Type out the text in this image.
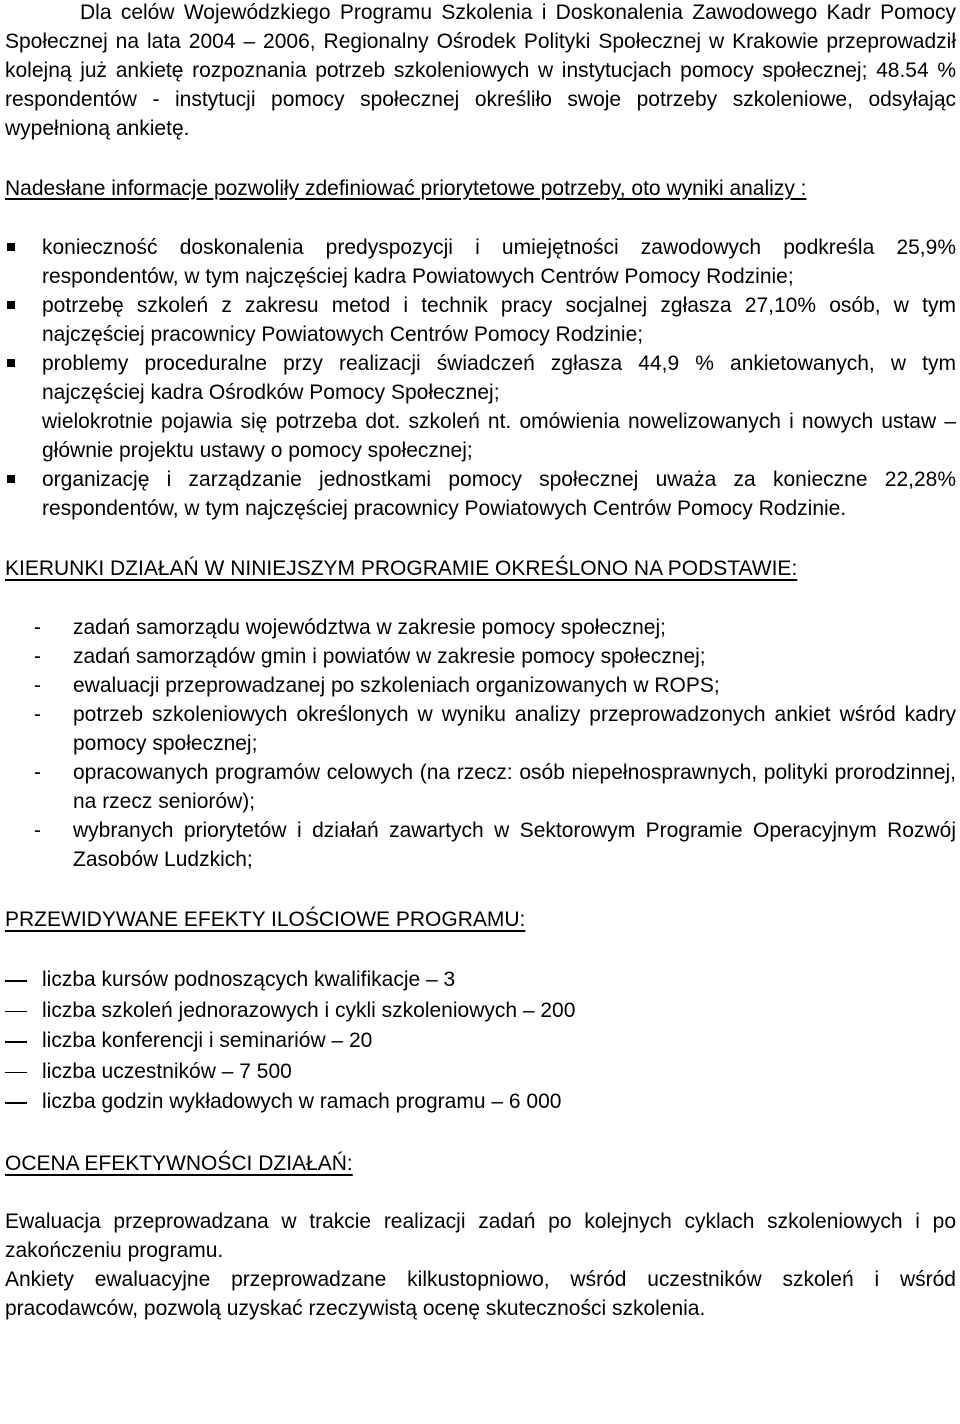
Dla celów Wojewódzkiego Programu Szkolenia i Doskonalenia Zawodowego Kadr Pomocy Społecznej na lata 2004 – 2006, Regionalny Ośrodek Polityki Społecznej w Krakowie przeprowadził kolejną już ankietę rozpoznania potrzeb szkoleniowych w instytucjach pomocy społecznej; 48.54 % respondentów - instytucji pomocy społecznej określiło swoje potrzeby szkoleniowe, odsyłając wypełnioną ankietę.

Nadesłane informacje pozwoliły zdefiniować priorytetowe potrzeby, oto wyniki analizy :

konieczność doskonalenia predyspozycji i umiejętności zawodowych podkreśla 25,9% respondentów, w tym najczęściej kadra Powiatowych Centrów Pomocy Rodzinie;
potrzebę szkoleń z zakresu metod i technik pracy socjalnej zgłasza 27,10% osób, w tym najczęściej pracownicy Powiatowych Centrów Pomocy Rodzinie;
problemy proceduralne przy realizacji świadczeń zgłasza 44,9 % ankietowanych, w tym najczęściej kadra Ośrodków Pomocy Społecznej;
wielokrotnie pojawia się potrzeba dot. szkoleń nt. omówienia nowelizowanych i nowych ustaw – głównie projektu ustawy o pomocy społecznej;
organizację i zarządzanie jednostkami pomocy społecznej uważa za konieczne 22,28% respondentów, w tym najczęściej pracownicy Powiatowych Centrów Pomocy Rodzinie.

KIERUNKI DZIAŁAŃ W NINIEJSZYM PROGRAMIE OKREŚLONO NA PODSTAWIE:

- zadań samorządu województwa w zakresie pomocy społecznej;
- zadań samorządów gmin i powiatów w zakresie pomocy społecznej;
- ewaluacji przeprowadzanej po szkoleniach organizowanych w ROPS;
- potrzeb szkoleniowych określonych w wyniku analizy przeprowadzonych ankiet wśród kadry pomocy społecznej;
- opracowanych programów celowych (na rzecz: osób niepełnosprawnych, polityki prorodzinnej, na rzecz seniorów);
- wybranych priorytetów i działań zawartych w Sektorowym Programie Operacyjnym Rozwój Zasobów Ludzkich;

PRZEWIDYWANE EFEKTY ILOŚCIOWE PROGRAMU:

liczba kursów podnoszących kwalifikacje – 3
liczba szkoleń jednorazowych i cykli szkoleniowych – 200
liczba konferencji i seminariów – 20
liczba uczestników – 7 500
liczba godzin wykładowych w ramach programu – 6 000

OCENA EFEKTYWNOŚCI DZIAŁAŃ:

Ewaluacja przeprowadzana w trakcie realizacji zadań po kolejnych cyklach szkoleniowych i po zakończeniu programu.

Ankiety ewaluacyjne przeprowadzane kilkustopniowo, wśród uczestników szkoleń i wśród pracodawców, pozwolą uzyskać rzeczywistą ocenę skuteczności szkolenia.
